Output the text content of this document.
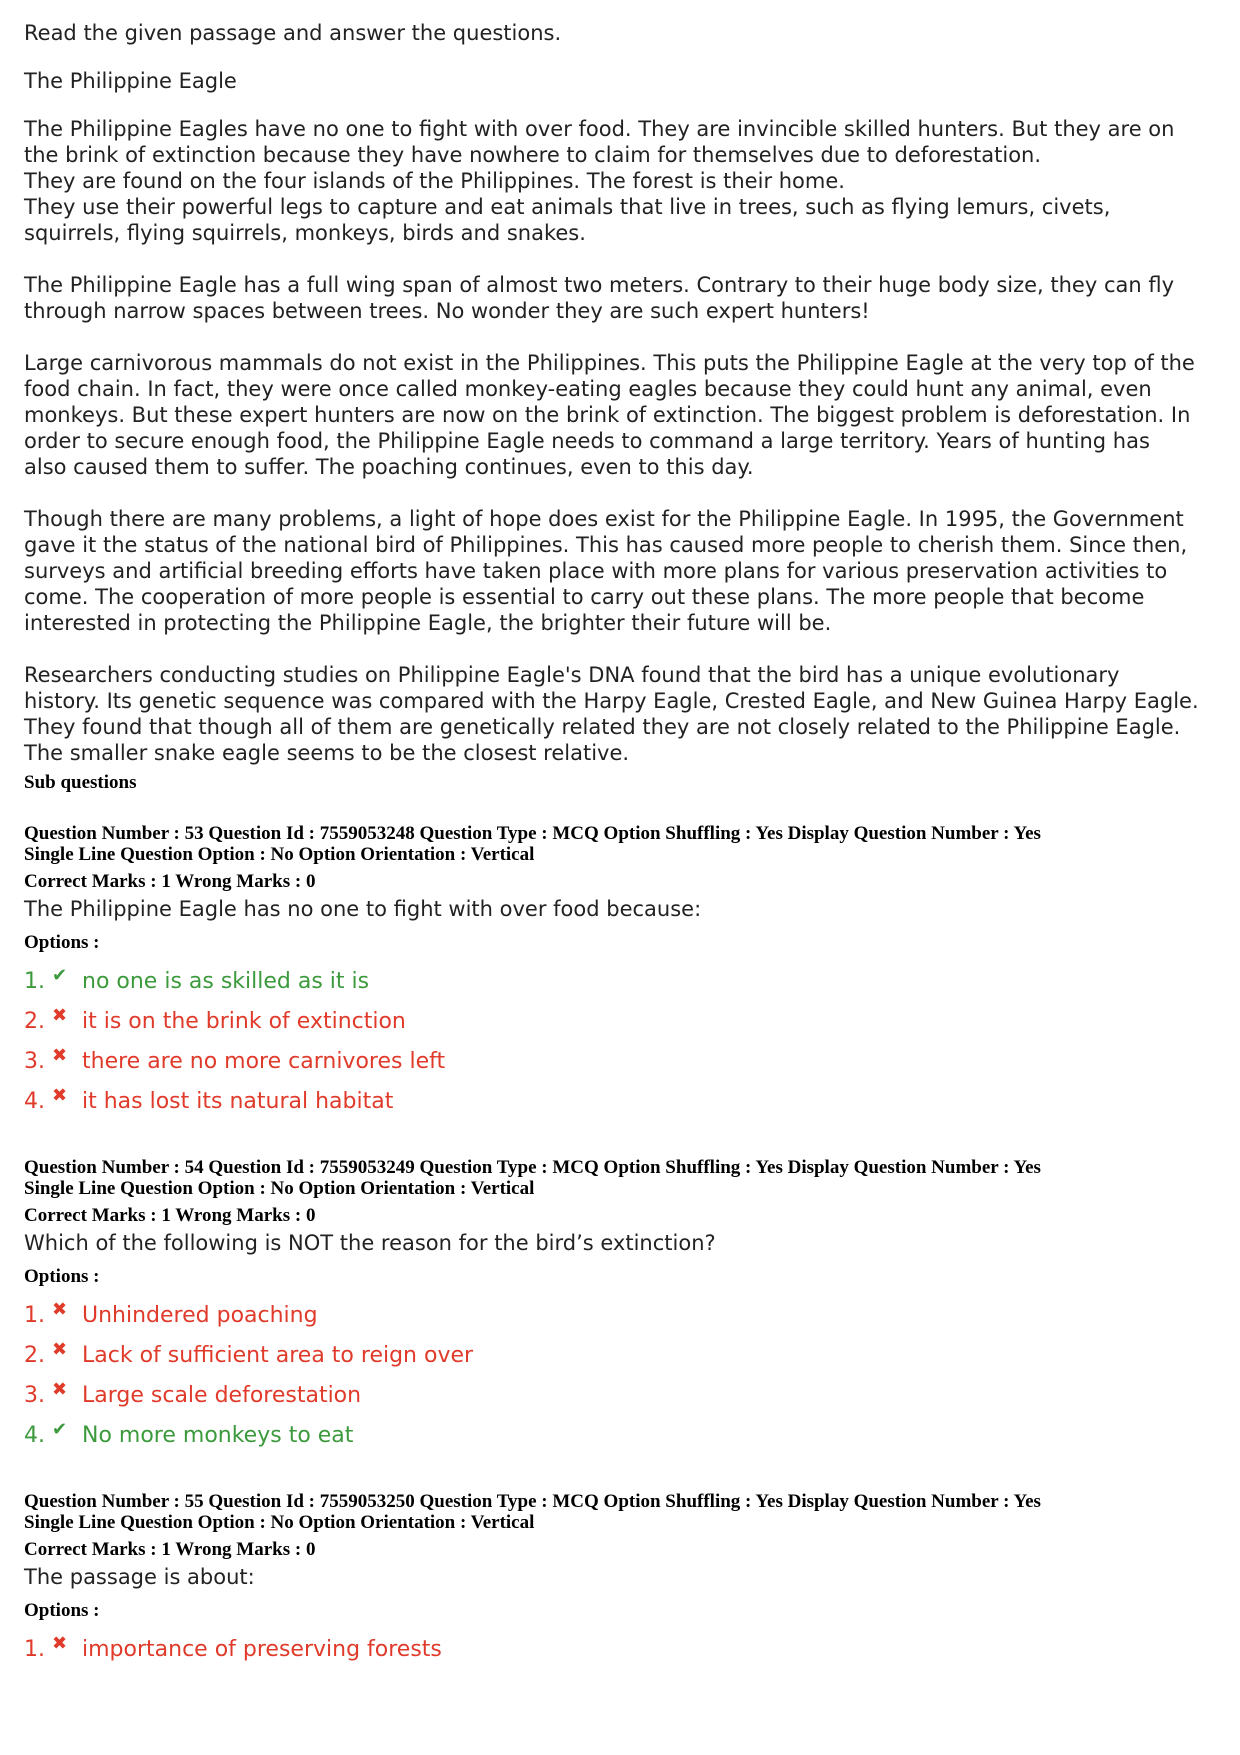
Read the given passage and answer the questions.

The Philippine Eagle

The Philippine Eagles have no one to fight with over food. They are invincible skilled hunters. But they are on
the brink of extinction because they have nowhere to claim for themselves due to deforestation.
They are found on the four islands of the Philippines. The forest is their home.
They use their powerful legs to capture and eat animals that live in trees, such as flying lemurs, civets,
squirrels, flying squirrels, monkeys, birds and snakes.

The Philippine Eagle has a full wing span of almost two meters. Contrary to their huge body size, they can fly
through narrow spaces between trees. No wonder they are such expert hunters!

Large carnivorous mammals do not exist in the Philippines. This puts the Philippine Eagle at the very top of the
food chain. In fact, they were once called monkey-eating eagles because they could hunt any animal, even
monkeys. But these expert hunters are now on the brink of extinction. The biggest problem is deforestation. In
order to secure enough food, the Philippine Eagle needs to command a large territory. Years of hunting has
also caused them to suffer. The poaching continues, even to this day.

Though there are many problems, a light of hope does exist for the Philippine Eagle. In 1995, the Government
gave it the status of the national bird of Philippines. This has caused more people to cherish them. Since then,
surveys and artificial breeding efforts have taken place with more plans for various preservation activities to
come. The cooperation of more people is essential to carry out these plans. The more people that become
interested in protecting the Philippine Eagle, the brighter their future will be.

Researchers conducting studies on Philippine Eagle's DNA found that the bird has a unique evolutionary
history. Its genetic sequence was compared with the Harpy Eagle, Crested Eagle, and New Guinea Harpy Eagle.
They found that though all of them are genetically related they are not closely related to the Philippine Eagle.
The smaller snake eagle seems to be the closest relative.

Sub questions

Question Number : 53 Question Id : 7559053248 Question Type : MCQ Option Shuffling : Yes Display Question Number : Yes
Single Line Question Option : No Option Orientation : Vertical
Correct Marks : 1 Wrong Marks : 0
The Philippine Eagle has no one to fight with over food because:
Options :
1. ✔ no one is as skilled as it is
2. ✖ it is on the brink of extinction
3. ✖ there are no more carnivores left
4. ✖ it has lost its natural habitat
Question Number : 54 Question Id : 7559053249 Question Type : MCQ Option Shuffling : Yes Display Question Number : Yes
Single Line Question Option : No Option Orientation : Vertical
Correct Marks : 1 Wrong Marks : 0
Which of the following is NOT the reason for the bird’s extinction?
Options :
1. ✖ Unhindered poaching
2. ✖ Lack of sufficient area to reign over
3. ✖ Large scale deforestation
4. ✔ No more monkeys to eat
Question Number : 55 Question Id : 7559053250 Question Type : MCQ Option Shuffling : Yes Display Question Number : Yes
Single Line Question Option : No Option Orientation : Vertical
Correct Marks : 1 Wrong Marks : 0
The passage is about:
Options :
1. ✖ importance of preserving forests
